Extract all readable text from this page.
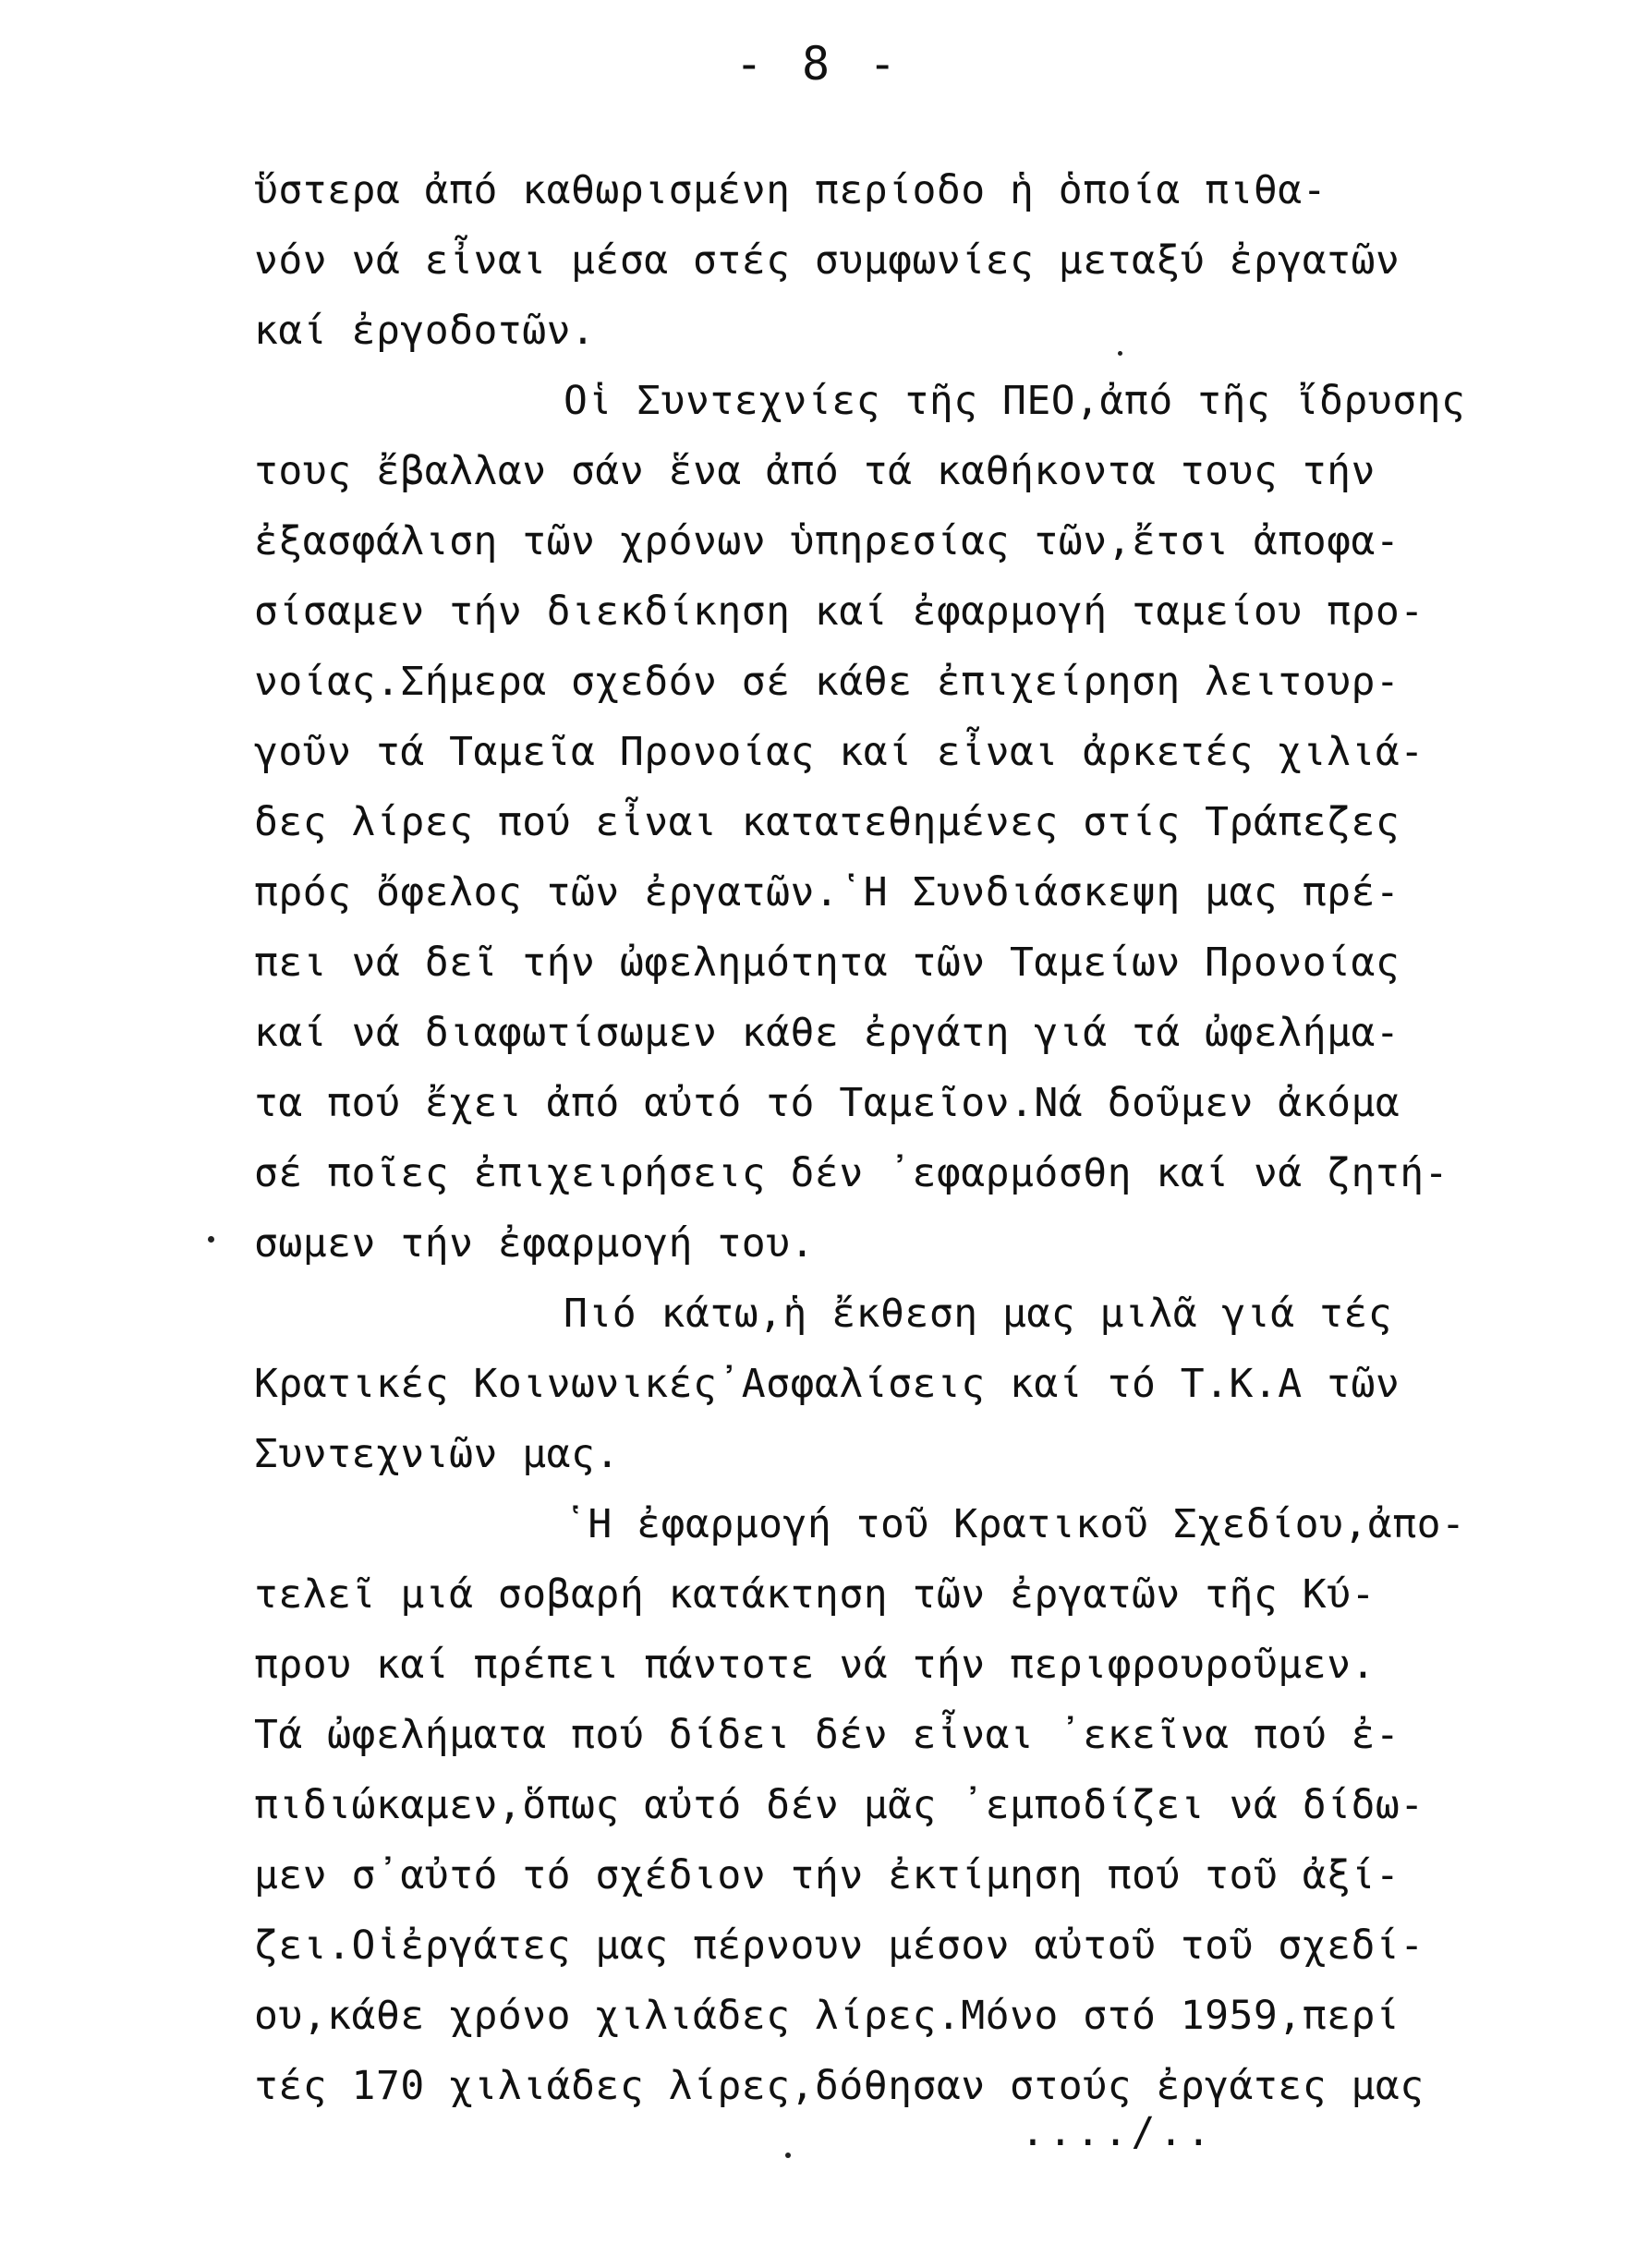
- 8 -
ὕστερα ἀπό καθωρισμένη περίοδο ἡ ὁποία πιθα-
νόν νά εἶναι μέσα στές συμφωνίες μεταξύ ἐργατῶν
καί ἐργοδοτῶν.
Οἱ Συντεχνίες τῆς ΠΕΟ,ἀπό τῆς ἴδρυσης
τους ἔβαλλαν σάν ἕνα ἀπό τά καθήκοντα τους τήν
ἐξασφάλιση τῶν χρόνων ὑπηρεσίας τῶν,ἔτσι ἀποφα-
σίσαμεν τήν διεκδίκηση καί ἐφαρμογή ταμείου προ-
νοίας.Σήμερα σχεδόν σέ κάθε ἐπιχείρηση λειτουρ-
γοῦν τά Ταμεῖα Προνοίας καί εἶναι ἀρκετές χιλιά-
δες λίρες πού εἶναι κατατεθημένες στίς Τράπεζες
πρός ὄφελος τῶν ἐργατῶν.῾Η Συνδιάσκεψη μας πρέ-
πει νά δεῖ τήν ὠφελημότητα τῶν Ταμείων Προνοίας
καί νά διαφωτίσωμεν κάθε ἐργάτη γιά τά ὠφελήμα-
τα πού ἔχει ἀπό αὐτό τό Ταμεῖον.Νά δοῦμεν ἀκόμα
σέ ποῖες ἐπιχειρήσεις δέν ᾽εφαρμόσθη καί νά ζητή-
σωμεν τήν ἐφαρμογή του.
Πιό κάτω,ἡ ἔκθεση μας μιλᾶ γιά τές
Κρατικές Κοινωνικές᾽Ασφαλίσεις καί τό Τ.Κ.Α τῶν
Συντεχνιῶν μας.
῾Η ἐφαρμογή τοῦ Κρατικοῦ Σχεδίου,ἀπο-
τελεῖ μιά σοβαρή κατάκτηση τῶν ἐργατῶν τῆς Κύ-
πρου καί πρέπει πάντοτε νά τήν περιφρουροῦμεν.
Τά ὠφελήματα πού δίδει δέν εἶναι ᾽εκεῖνα πού ἐ-
πιδιώκαμεν,ὅπως αὐτό δέν μᾶς ᾽εμποδίζει νά δίδω-
μεν σ᾽αὐτό τό σχέδιον τήν ἐκτίμηση πού τοῦ ἀξί-
ζει.Οἱἐργάτες μας πέρνουν μέσον αὐτοῦ τοῦ σχεδί-
ου,κάθε χρόνο χιλιάδες λίρες.Μόνο στό 1959,περί
τές 170 χιλιάδες λίρες,δόθησαν στούς ἐργάτες μας
..../..
